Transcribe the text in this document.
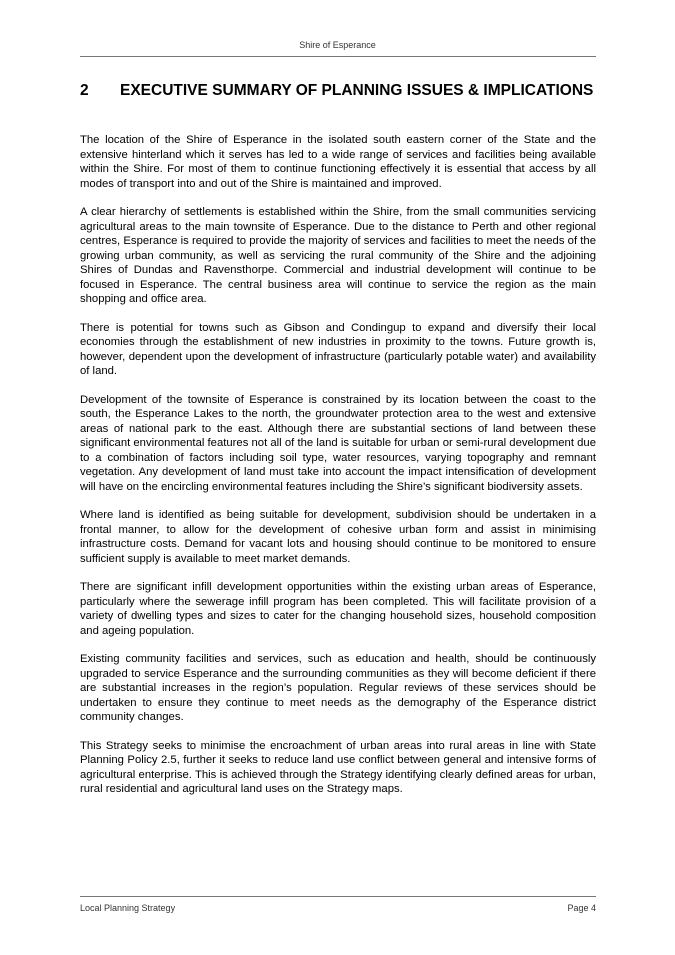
Shire of Esperance
2	EXECUTIVE SUMMARY OF PLANNING ISSUES & IMPLICATIONS

The location of the Shire of Esperance in the isolated south eastern corner of the State and the extensive hinterland which it serves has led to a wide range of services and facilities being available within the Shire. For most of them to continue functioning effectively it is essential that access by all modes of transport into and out of the Shire is maintained and improved.

A clear hierarchy of settlements is established within the Shire, from the small communities servicing agricultural areas to the main townsite of Esperance. Due to the distance to Perth and other regional centres, Esperance is required to provide the majority of services and facilities to meet the needs of the growing urban community, as well as servicing the rural community of the Shire and the adjoining Shires of Dundas and Ravensthorpe. Commercial and industrial development will continue to be focused in Esperance. The central business area will continue to service the region as the main shopping and office area.

There is potential for towns such as Gibson and Condingup to expand and diversify their local economies through the establishment of new industries in proximity to the towns. Future growth is, however, dependent upon the development of infrastructure (particularly potable water) and availability of land.

Development of the townsite of Esperance is constrained by its location between the coast to the south, the Esperance Lakes to the north, the groundwater protection area to the west and extensive areas of national park to the east. Although there are substantial sections of land between these significant environmental features not all of the land is suitable for urban or semi-rural development due to a combination of factors including soil type, water resources, varying topography and remnant vegetation. Any development of land must take into account the impact intensification of development will have on the encircling environmental features including the Shire’s significant biodiversity assets.

Where land is identified as being suitable for development, subdivision should be undertaken in a frontal manner, to allow for the development of cohesive urban form and assist in minimising infrastructure costs. Demand for vacant lots and housing should continue to be monitored to ensure sufficient supply is available to meet market demands.

There are significant infill development opportunities within the existing urban areas of Esperance, particularly where the sewerage infill program has been completed. This will facilitate provision of a variety of dwelling types and sizes to cater for the changing household sizes, household composition and ageing population.

Existing community facilities and services, such as education and health, should be continuously upgraded to service Esperance and the surrounding communities as they will become deficient if there are substantial increases in the region’s population. Regular reviews of these services should be undertaken to ensure they continue to meet needs as the demography of the Esperance district community changes.

This Strategy seeks to minimise the encroachment of urban areas into rural areas in line with State Planning Policy 2.5, further it seeks to reduce land use conflict between general and intensive forms of agricultural enterprise. This is achieved through the Strategy identifying clearly defined areas for urban, rural residential and agricultural land uses on the Strategy maps.

Local Planning Strategy	Page 4
